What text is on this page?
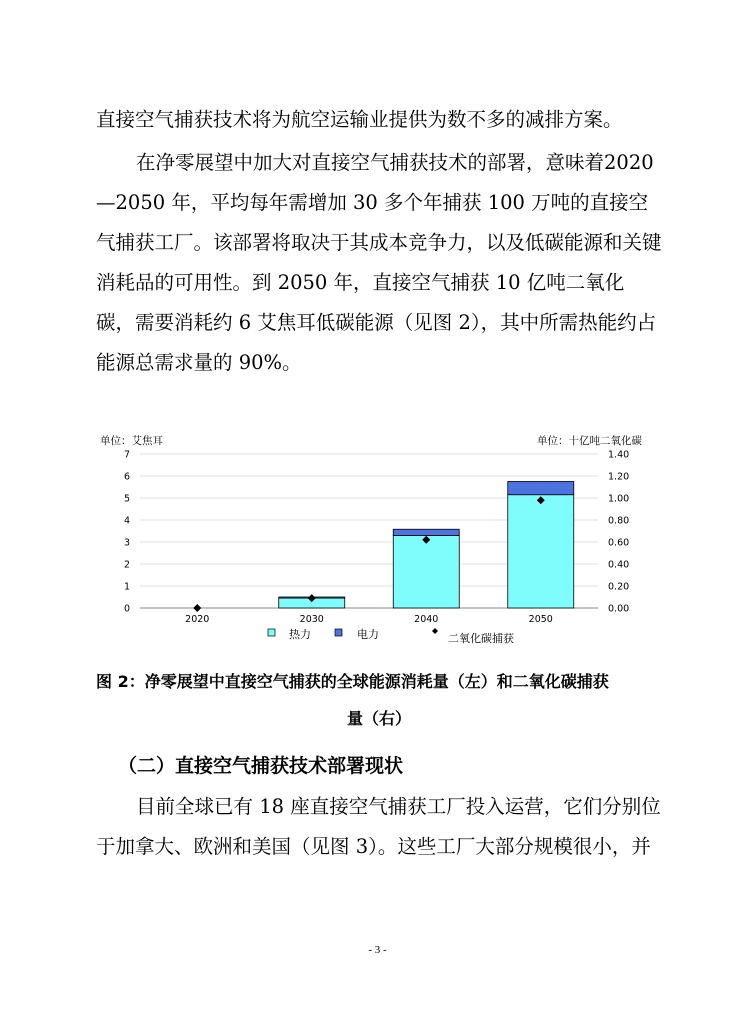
直接空气捕获技术将为航空运输业提供为数不多的减排方案。

在净零展望中加大对直接空气捕获技术的部署，意味着2020—2050 年，平均每年需增加 30 多个年捕获 100 万吨的直接空气捕获工厂。该部署将取决于其成本竞争力，以及低碳能源和关键消耗品的可用性。到 2050 年，直接空气捕获 10 亿吨二氧化碳，需要消耗约 6 艾焦耳低碳能源（见图 2），其中所需热能约占能源总需求量的 90%。

7	1.40
6	1.20
5	1.00
4	0.80
3	0.60
2	0.40
1	0.20
0	0.00
2020	2030	2040	2050
单位：艾焦耳	单位：十亿吨二氧化碳
热力	电力	二氧化碳捕获
图 2：净零展望中直接空气捕获的全球能源消耗量（左）和二氧化碳捕获
量（右）
（二）直接空气捕获技术部署现状

目前全球已有 18 座直接空气捕获工厂投入运营，它们分别位于加拿大、欧洲和美国（见图 3）。这些工厂大部分规模很小，并

- 3 -
